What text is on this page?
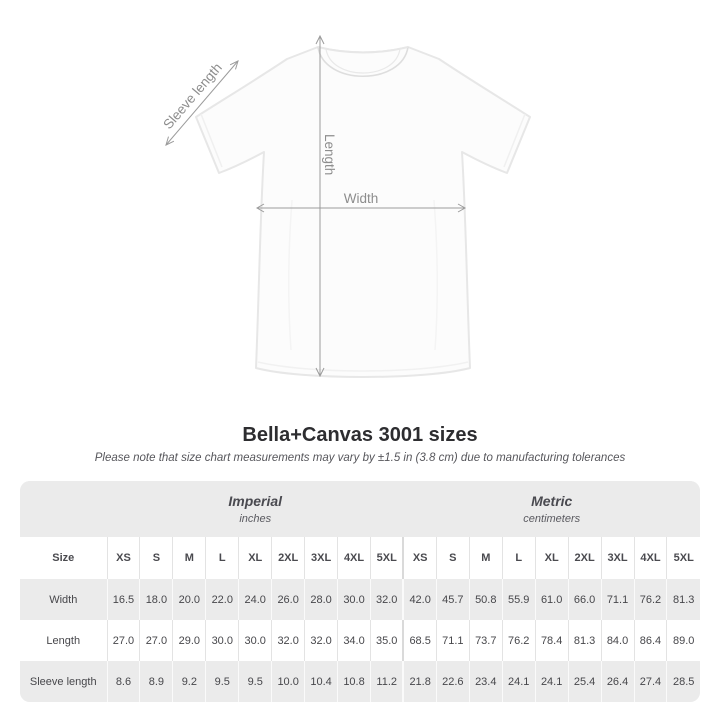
Length
Width
Sleeve length
Bella+Canvas 3001 sizes

Please note that size chart measurements may vary by ±1.5 in (3.8 cm) due to manufacturing tolerances

Imperial
inches

Metric
centimeters

Size	XS	S	M	L	XL	2XL	3XL	4XL	5XL	XS	S	M	L	XL	2XL	3XL	4XL	5XL
Width	16.5	18.0	20.0	22.0	24.0	26.0	28.0	30.0	32.0	42.0	45.7	50.8	55.9	61.0	66.0	71.1	76.2	81.3
Length	27.0	27.0	29.0	30.0	30.0	32.0	32.0	34.0	35.0	68.5	71.1	73.7	76.2	78.4	81.3	84.0	86.4	89.0
Sleeve length	8.6	8.9	9.2	9.5	9.5	10.0	10.4	10.8	11.2	21.8	22.6	23.4	24.1	24.1	25.4	26.4	27.4	28.5
